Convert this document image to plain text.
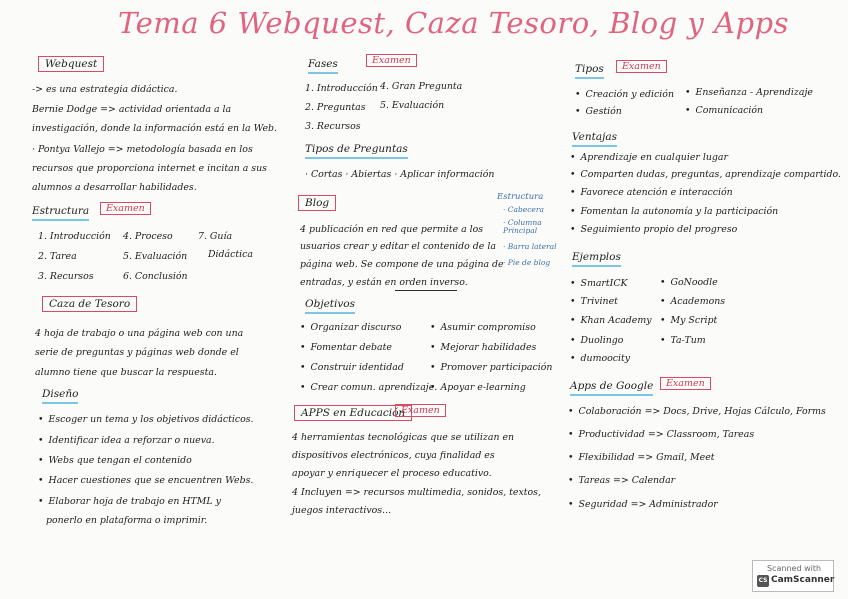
Tema 6 Webquest, Caza Tesoro, Blog y Apps
Webquest
-> es una estrategia didáctica.
Bernie Dodge => actividad orientada a la
investigación, donde la información está en la Web.
· Pontya Vallejo => metodología basada en los
recursos que proporciona internet e incitan a sus
alumnos a desarrollar habilidades.
Estructura	Examen
1. Introducción
2. Tarea
3. Recursos
4. Proceso
5. Evaluación
6. Conclusión
7. Guía
Didáctica
Caza de Tesoro
4 hoja de trabajo o una página web con una
serie de preguntas y páginas web donde el
alumno tiene que buscar la respuesta.
Diseño
• Escoger un tema y los objetivos didácticos.
• Identificar idea a reforzar o nueva.
• Webs que tengan el contenido
• Hacer cuestiones que se encuentren Webs.
• Elaborar hoja de trabajo en HTML y
ponerlo en plataforma o imprimir.
Fases	Examen
1. Introducción
2. Preguntas
3. Recursos
4. Gran Pregunta
5. Evaluación
Tipos de Preguntas
· Cortas · Abiertas · Aplicar información
Blog
4 publicación en red que permite a los
usuarios crear y editar el contenido de la
página web. Se compone de una página de
entradas, y están en orden inverso.
Estructura
· Cabecera
· Columna Principal
· Barra lateral
· Pie de blog
Objetivos
• Organizar discurso
• Fomentar debate
• Construir identidad
• Crear comun. aprendizaje.
• Asumir compromiso
• Mejorar habilidades
• Promover participación
• Apoyar e-learning
APPS en Educación
Examen
4 herramientas tecnológicas que se utilizan en
dispositivos electrónicos, cuya finalidad es
apoyar y enriquecer el proceso educativo.
4 Incluyen => recursos multimedia, sonidos, textos,
juegos interactivos...
Tipos	Examen
• Creación y edición
• Gestión
• Enseñanza - Aprendizaje
• Comunicación
Ventajas
• Aprendizaje en cualquier lugar
• Comparten dudas, preguntas, aprendizaje compartido.
• Favorece atención e interacción
• Fomentan la autonomía y la participación
• Seguimiento propio del progreso
Ejemplos
• SmartICK
• Trivinet
• Khan Academy
• Duolingo
• dumoocity
• GoNoodle
• Academons
• My Script
• Ta-Tum
Apps de Google	Examen
• Colaboración => Docs, Drive, Hojas Cálculo, Forms
• Productividad => Classroom, Tareas
• Flexibilidad => Gmail, Meet
• Tareas => Calendar
• Seguridad => Administrador
Scanned with
CS CamScanner
